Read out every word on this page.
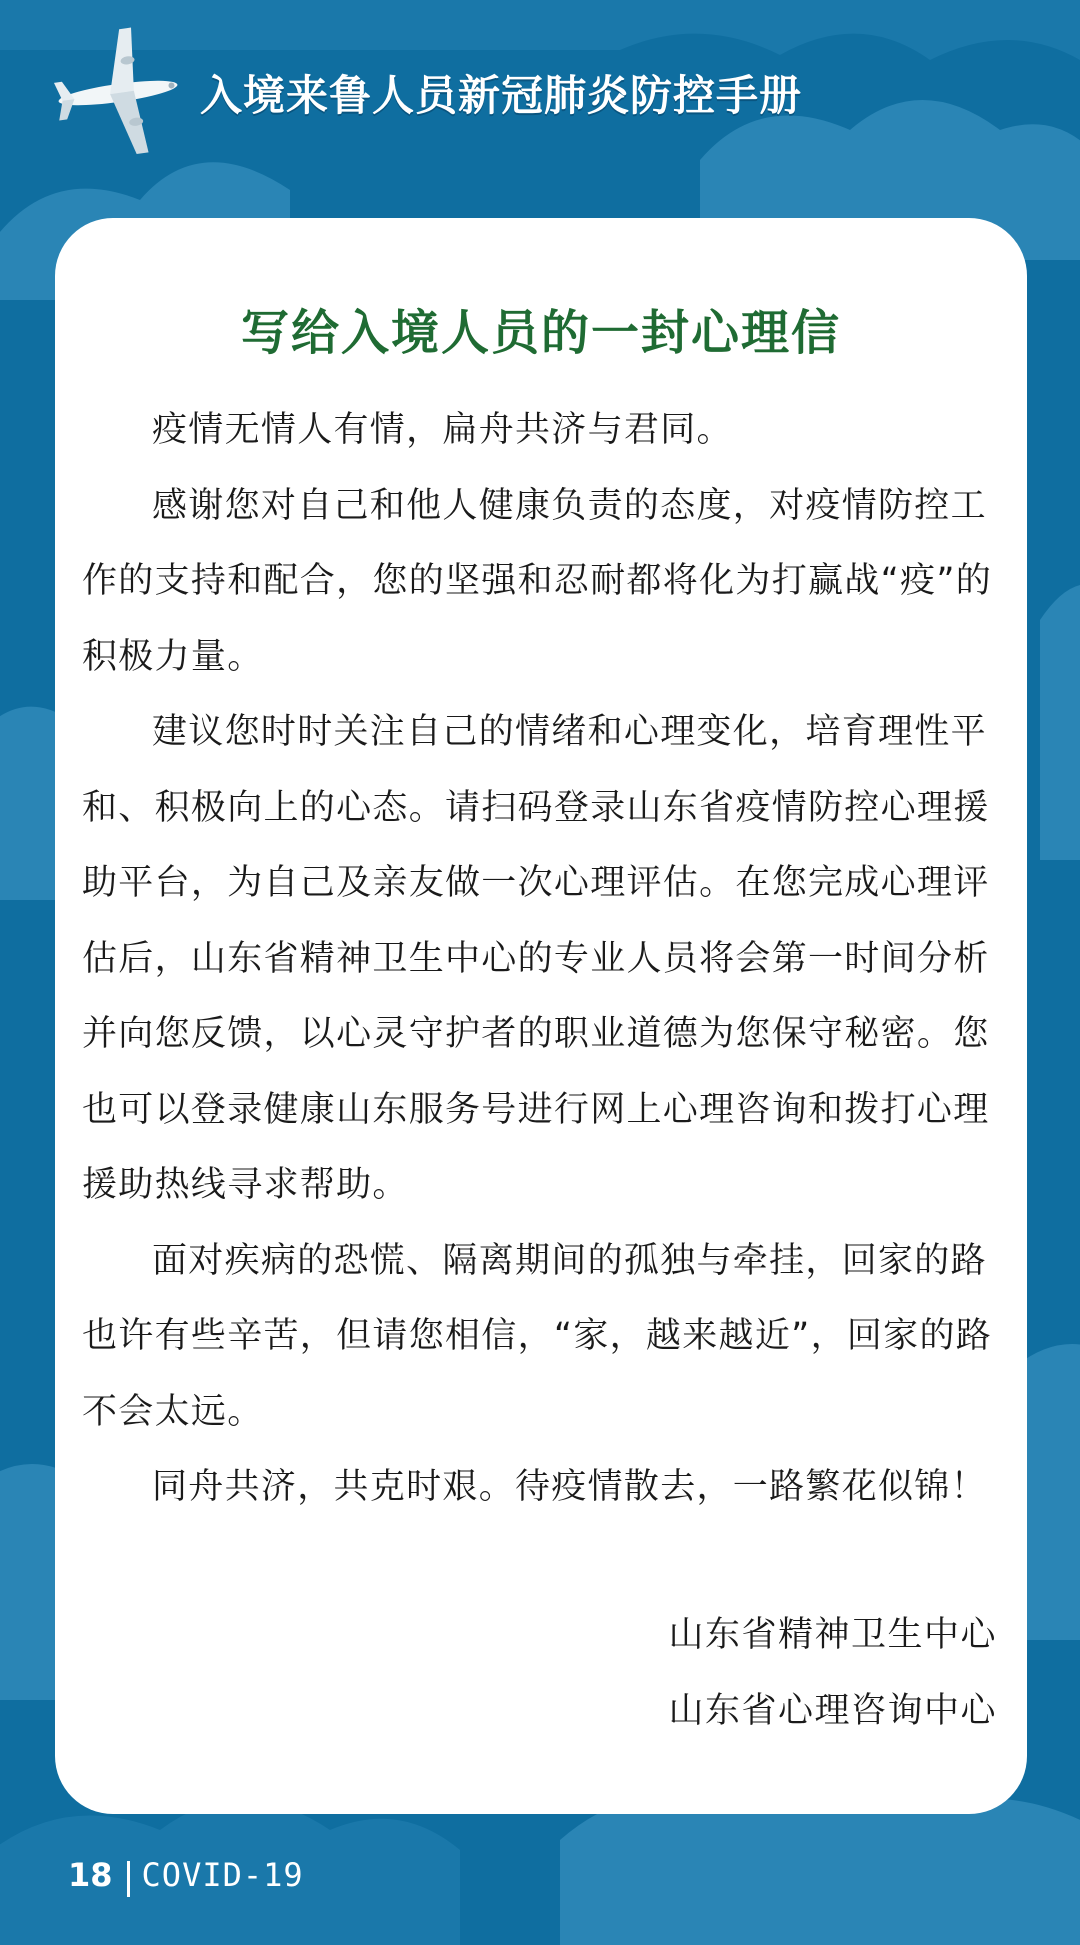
入境来鲁人员新冠肺炎防控手册
写给入境人员的一封心理信

疫情无情人有情，扁舟共济与君同。

感谢您对自己和他人健康负责的态度，对疫情防控工作的支持和配合，您的坚强和忍耐都将化为打赢战“疫”的积极力量。

建议您时时关注自己的情绪和心理变化，培育理性平和、积极向上的心态。请扫码登录山东省疫情防控心理援助平台，为自己及亲友做一次心理评估。在您完成心理评估后，山东省精神卫生中心的专业人员将会第一时间分析并向您反馈，以心灵守护者的职业道德为您保守秘密。您也可以登录健康山东服务号进行网上心理咨询和拨打心理援助热线寻求帮助。

面对疾病的恐慌、隔离期间的孤独与牵挂，回家的路也许有些辛苦，但请您相信，“家，越来越近”，回家的路不会太远。

同舟共济，共克时艰。待疫情散去，一路繁花似锦！

山东省精神卫生中心
山东省心理咨询中心
18 COVID-19
